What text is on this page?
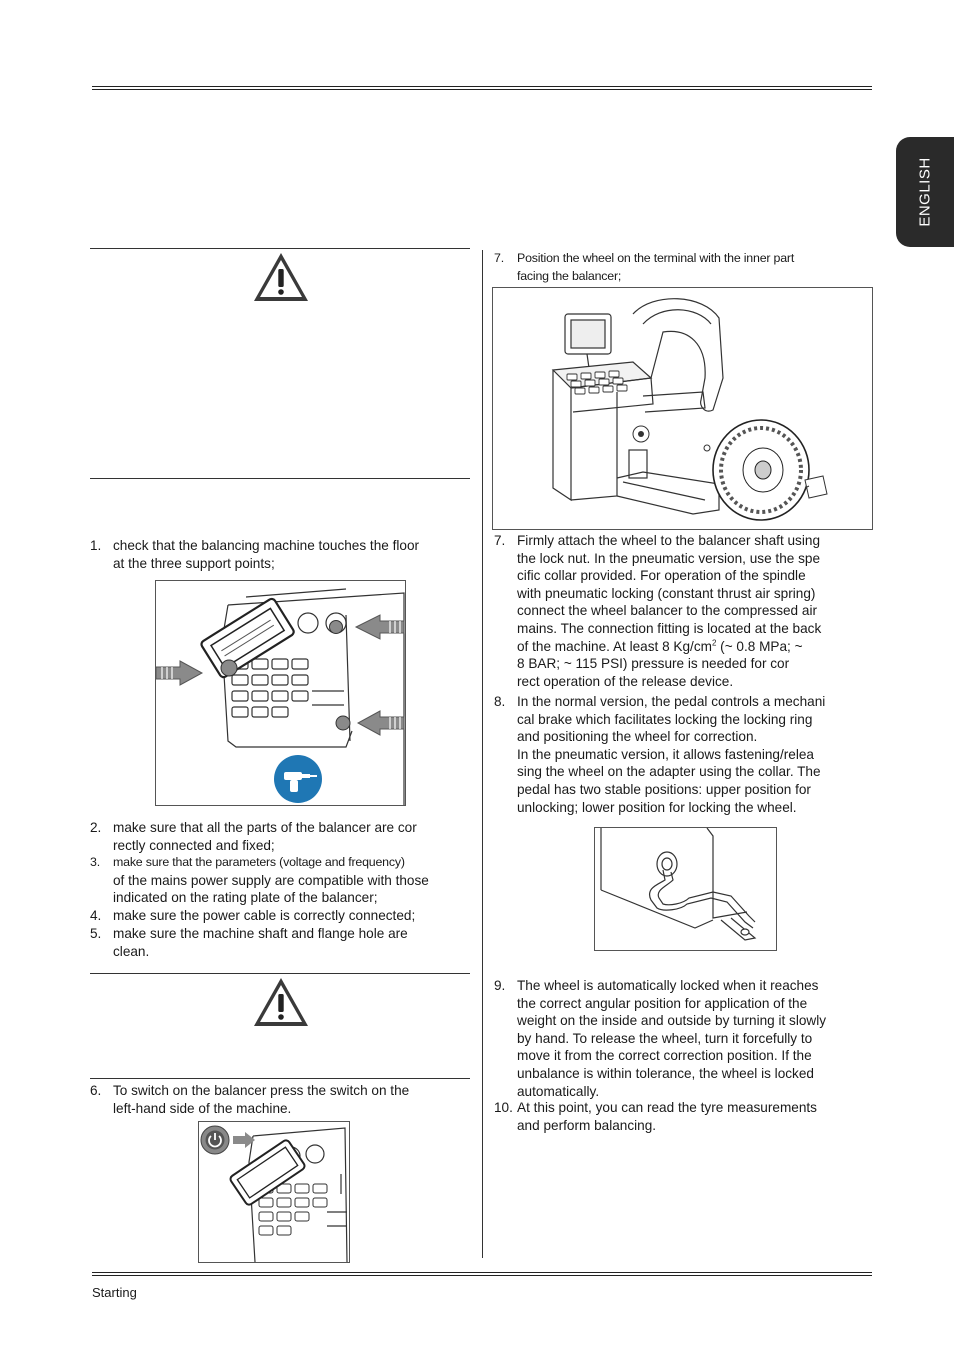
ENGLISH
1. check that the balancing machine touches the floor
at the three support points;
2. make sure that all the parts of the balancer are cor
rectly connected and fixed;
3. make sure that the parameters (voltage and frequency)
of the mains power supply are compatible with those
indicated on the rating plate of the balancer;
4. make sure the power cable is correctly connected;
5. make sure the machine shaft and flange hole are
clean.
6. To switch on the balancer press the switch on the
left-hand side of the machine.
7. Position the wheel on the terminal with the inner part
facing the balancer;
7. Firmly attach the wheel to the balancer shaft using
the lock nut. In the pneumatic version, use the spe
cific collar provided. For operation of the spindle
with pneumatic locking (constant thrust air spring)
connect the wheel balancer to the compressed air
mains. The connection fitting is located at the back
of the machine. At least 8 $Kg/cm^2$ (~ 0.8 MPa; ~
8 BAR; ~ 115 PSI) pressure is needed for cor
rect operation of the release device.
8. In the normal version, the pedal controls a mechani
cal brake which facilitates locking the locking ring
and positioning the wheel for correction.
In the pneumatic version, it allows fastening/relea
sing the wheel on the adapter using the collar. The
pedal has two stable positions: upper position for
unlocking; lower position for locking the wheel.
9. The wheel is automatically locked when it reaches
the correct angular position for application of the
weight on the inside and outside by turning it slowly
by hand. To release the wheel, turn it forcefully to
move it from the correct correction position. If the
unbalance is within tolerance, the wheel is locked
automatically.
10. At this point, you can read the tyre measurements
and perform balancing.
Starting
